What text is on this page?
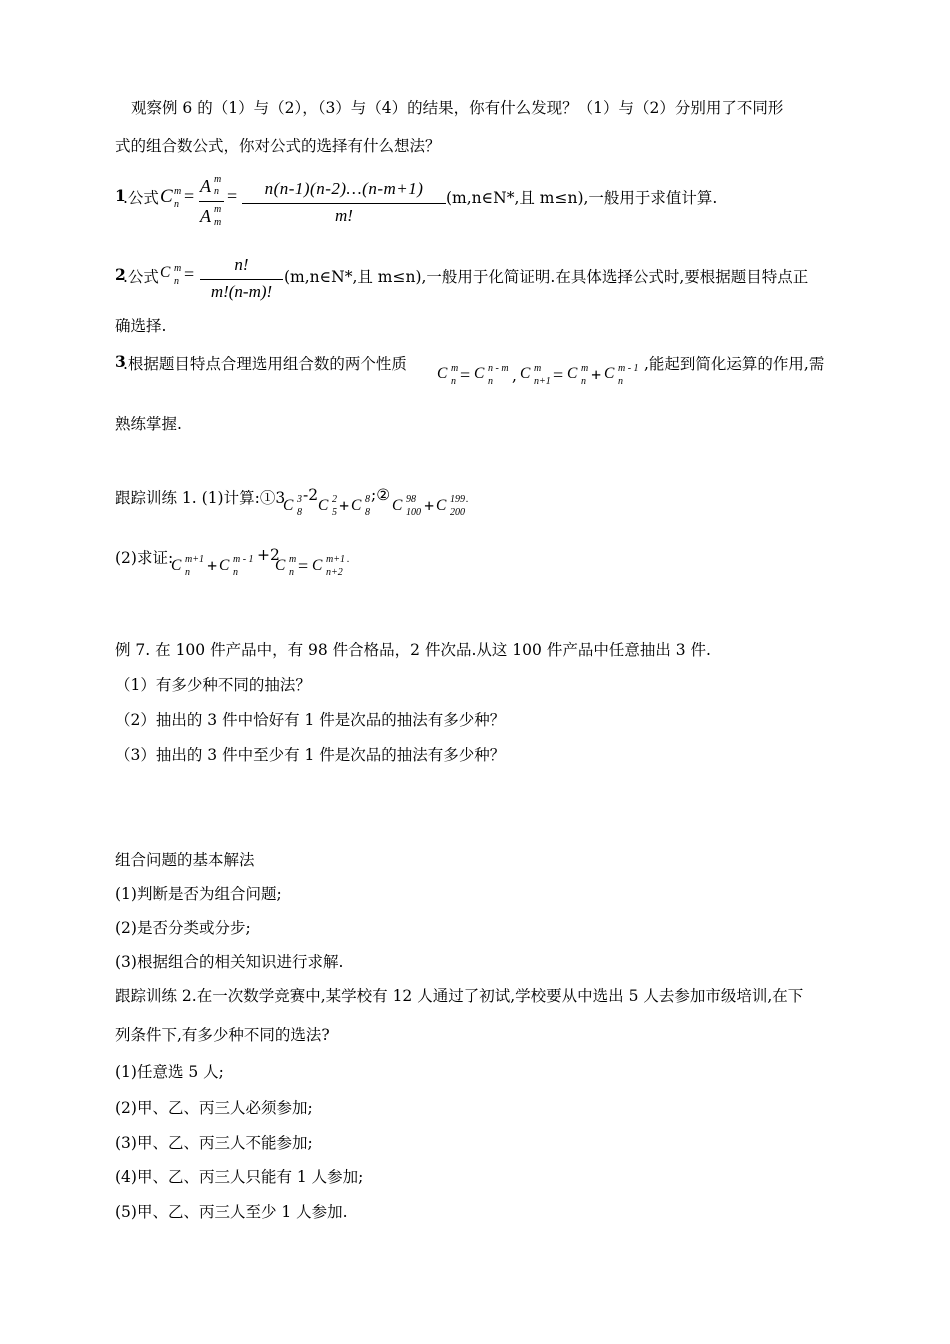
观察例 6 的（1）与（2），（3）与（4）的结果，你有什么发现？（1）与（2）分别用了不同形
式的组合数公式，你对公式的选择有什么想法？
1
.公式 C m
n = A m
n
A m
m
=	n(n-1)(n-2)…(n-m+1)
m!
(m,n∈N*,且 m≤n),一般用于求值计算.
2
.公式 C m
n =	n!
m!(n-m)!
(m,n∈N*,且 m≤n),一般用于化简证明.在具体选择公式时,要根据题目特点正
确选择.
3
.根据题目特点合理选用组合数的两个性质
C m
n = C n - m
n , C m
n+1 = C m
n + C m - 1
n
,能起到简化运算的作用,需
熟练掌握.
跟踪训练 1. (1)计算:①3
C 3
8
-2
C 2
5 + C 8
8
;②
C 98
100 + C 199
200
.
(2)求证:
C m+1
n + C m - 1
n
+2
C m
n = C m+1
n+2
.
例 7. 在 100 件产品中，有 98 件合格品，2 件次品.从这 100 件产品中任意抽出 3 件.
（1）有多少种不同的抽法？
（2）抽出的 3 件中恰好有 1 件是次品的抽法有多少种？
（3）抽出的 3 件中至少有 1 件是次品的抽法有多少种？
组合问题的基本解法
(1)判断是否为组合问题;
(2)是否分类或分步;
(3)根据组合的相关知识进行求解.
跟踪训练 2.在一次数学竞赛中,某学校有 12 人通过了初试,学校要从中选出 5 人去参加市级培训,在下
列条件下,有多少种不同的选法?
(1)任意选 5 人;
(2)甲、乙、丙三人必须参加;
(3)甲、乙、丙三人不能参加;
(4)甲、乙、丙三人只能有 1 人参加;
(5)甲、乙、丙三人至少 1 人参加.
